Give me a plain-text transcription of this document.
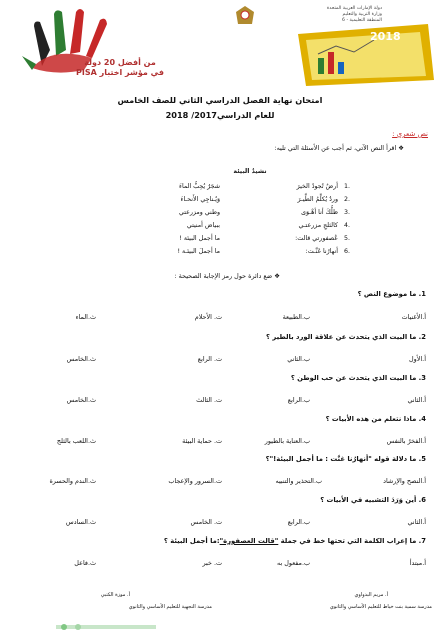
من أفضل 20 دولة
في مؤشر اختبار PISA
دولة الإمارات العربية المتحدة
وزارة التربية والتعليم
المنطقة التعليمية - 6
2018
امتحان نهاية الفصل الدراسي الثاني للصف الخامس
للعام الدراسي2017/ 2018
نص شعري :
❖ اقرأ النص الآتي، ثم أجب عن الأسئلة التي تليه:
نشيدُ البيئة
1.
أرضٌ تُجودُ الخيرَ
شجَرٌ يُحِبُّ الماءَ
2.
وردٌ يُكلِّمُ الطَّيـرَ
وَيُـناجِي الأَنحـاءَ
3.
ظلُّكَ أنا أهْـوَى
وطني ومزرعتي
4.
كالثلجِ مزرعتـي
ببياض أمنيتي
5.
عُصفورتي قالت:
ما أجمل البيئة !
6.
أنهارُنا غَنَّـت:
ما أجملَ البيئـة !
❖ ضع دائرة حول رمز الإجابة الصحيحة :
1. ما موضوع النص ؟
أ.الأغنيات
ب.الطبيعة
ت. الأحلام
ث.الماء
2. ما البيت الذي يتحدث عن علاقة الورد بالطير ؟
أ.الأول
ب.الثاني
ت. الرابع
ث.الخامس
3. ما البيت الذي يتحدث عن حب الوطن ؟
أ.الثاني
ب.الرابع
ت. الثالث
ث.الخامس
4. ماذا نتعلم من هذه الأبيات ؟
أ.الفخرُ بالنفس
ب.العناية بالطيور
ت. حماية البيئة
ث.اللعب بالثلج
5. ما دلالة قوله "أنهارُنا غنَّت : ما أجمل البيئة!"؟
أ.النصح والإرشاد
ب.التحذير والتنبيه
ت.السرور والإعجاب
ث.الندم والحسرة
6. أين وَرَدَ التشبيه في الأبيات ؟
أ.الثاني
ب.الرابع
ت. الخامس
ث.السادس
7. ما إعراب الكلمة التي تحتها خط في جملة "قالت العصفورة":ما أجمل البيئة ؟
أ.مبتدأ
ب.مفعول به
ت. خبر
ث.فاعل
أ. مريم البدواوي
أ. موزة الكتبي
مدرسة سمية بنت خياط للتعليم الأساسي والثانوي
مدرسة النجهية للتعليم الأساسي والثانوي
